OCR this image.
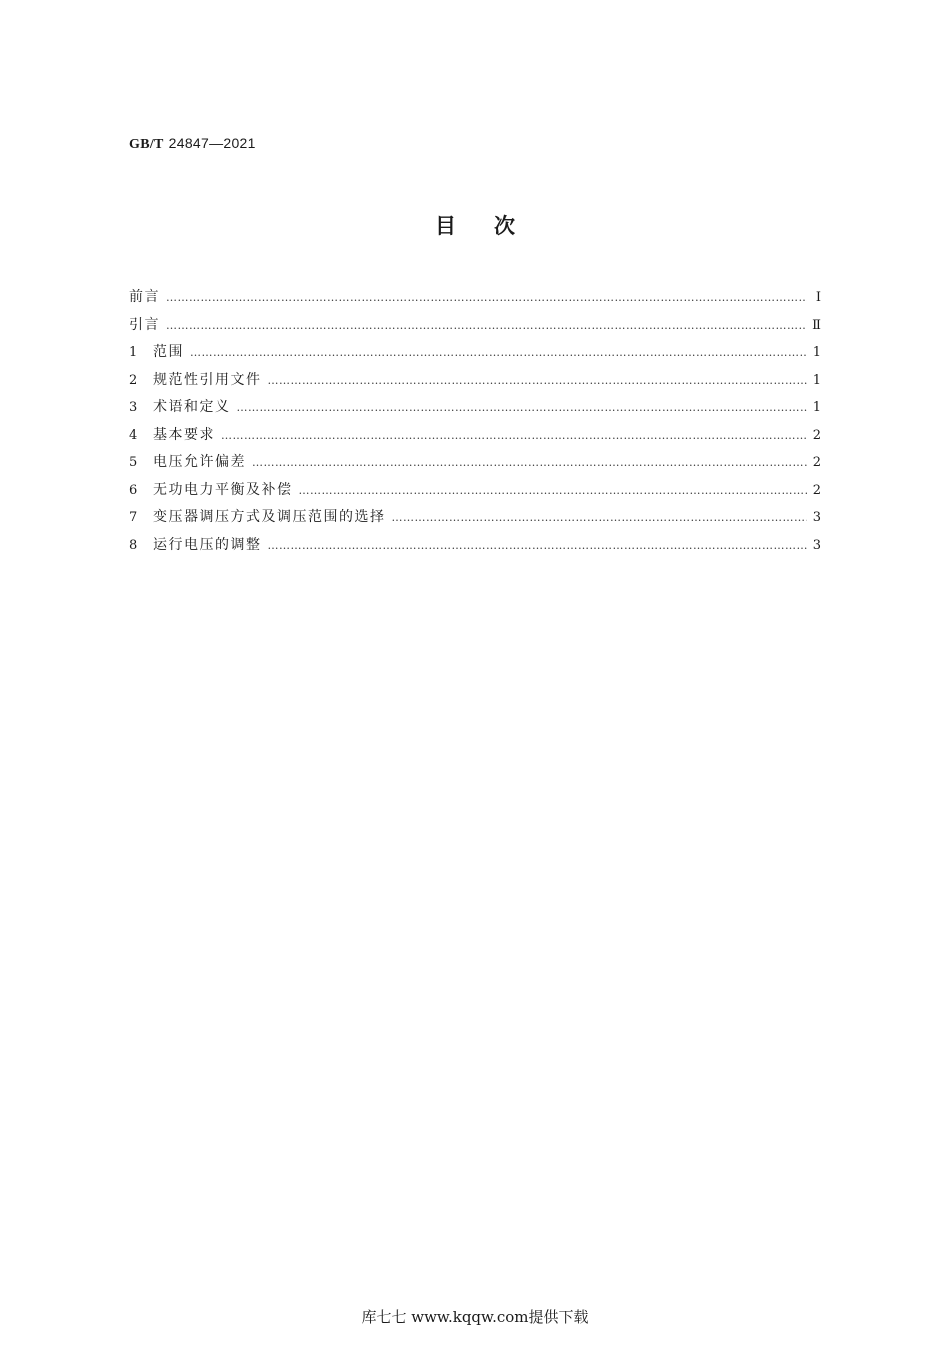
GB/T 24847—2021
目次
前言 ………………………………………………………………………………………………………………………………………………………………………………………………………………	Ⅰ
引言 ………………………………………………………………………………………………………………………………………………………………………………………………………………	Ⅱ
1	范围 ………………………………………………………………………………………………………………………………………………………………………………………………………………	1
2	规范性引用文件 ………………………………………………………………………………………………………………………………………………………………………………………………………………	1
3	术语和定义 ………………………………………………………………………………………………………………………………………………………………………………………………………………	1
4	基本要求 ………………………………………………………………………………………………………………………………………………………………………………………………………………	2
5	电压允许偏差 ………………………………………………………………………………………………………………………………………………………………………………………………………………	2
6	无功电力平衡及补偿 ………………………………………………………………………………………………………………………………………………………………………………………………………………	2
7	变压器调压方式及调压范围的选择 ………………………………………………………………………………………………………………………………………………………………………………………………………………	3
8	运行电压的调整 ………………………………………………………………………………………………………………………………………………………………………………………………………………	3
库七七 www.kqqw.com提供下载
